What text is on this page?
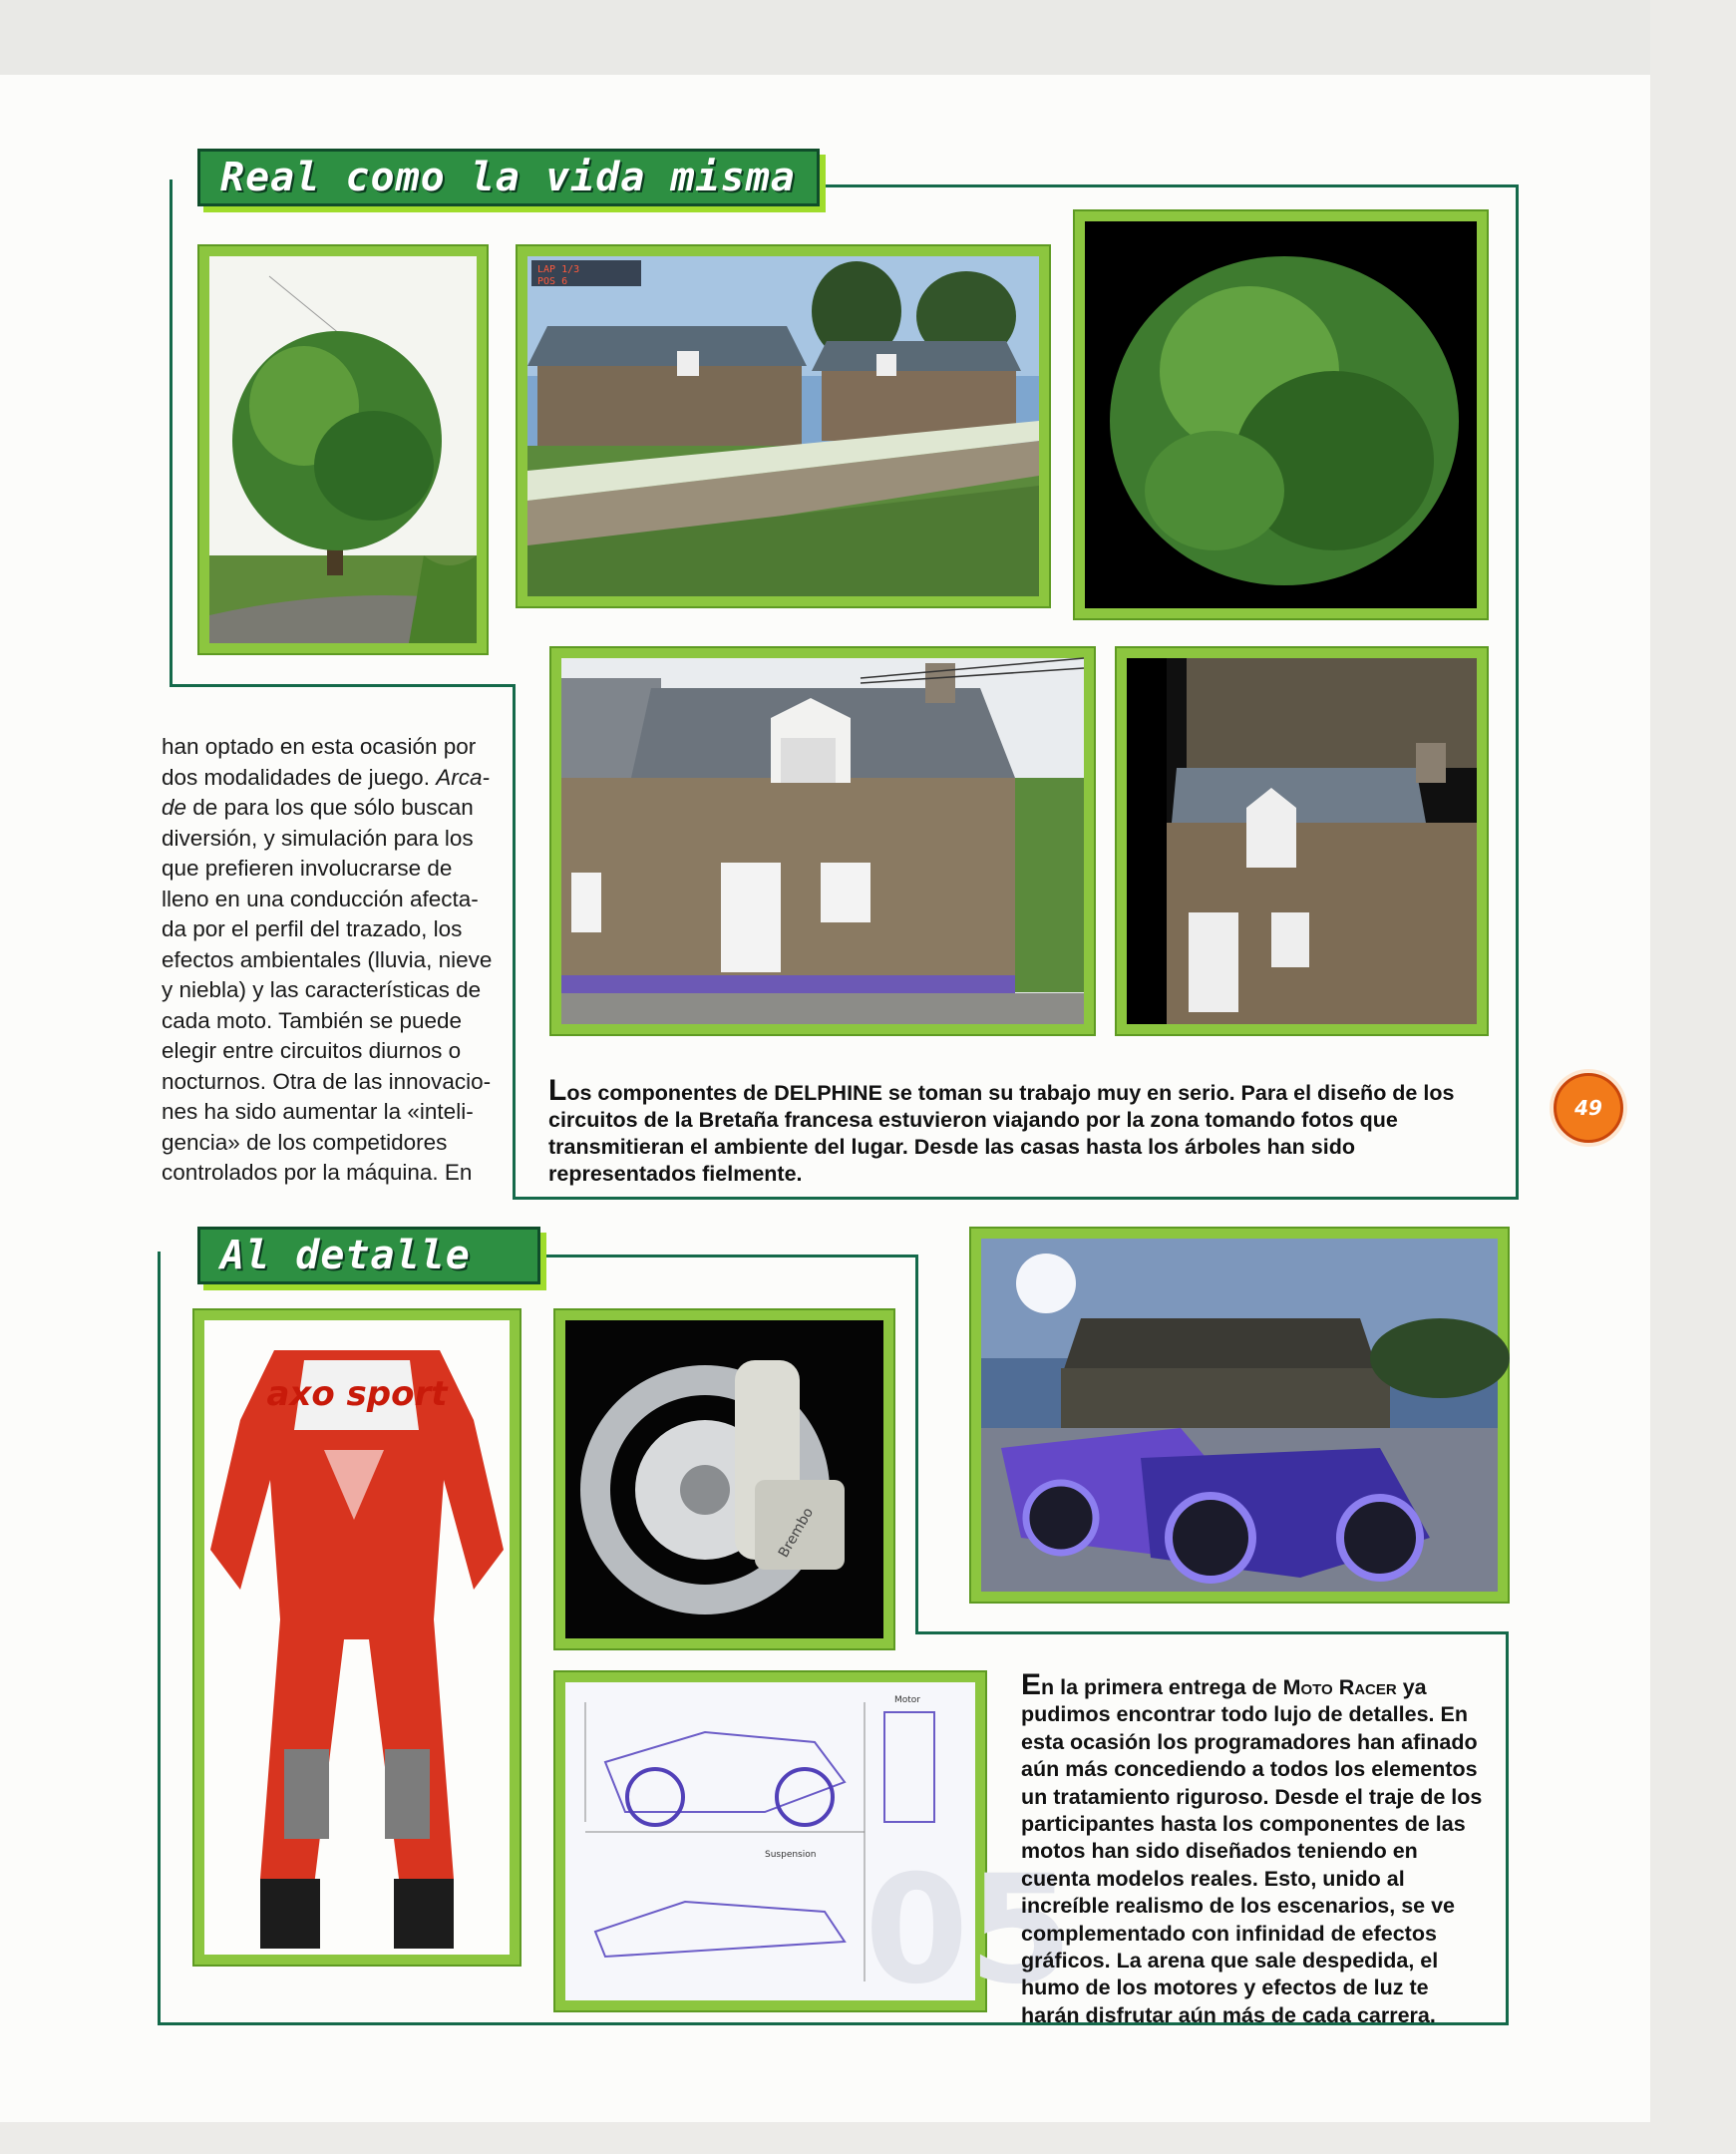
Real como la vida misma
LAP 1/3
POS 6

han optado en esta ocasión por

dos modalidades de juego. Arca-

de de para los que sólo buscan

diversión, y simulación para los

que prefieren involucrarse de

lleno en una conducción afecta-

da por el perfil del trazado, los

efectos ambientales (lluvia, nieve

y niebla) y las características de

cada moto. También se puede

elegir entre circuitos diurnos o

nocturnos. Otra de las innovacio-

nes ha sido aumentar la «inteli-

gencia» de los competidores

controlados por la máquina. En

Los componentes de DELPHINE se toman su trabajo muy en serio. Para el diseño de los circuitos de la Bretaña francesa estuvieron viajando por la zona tomando fotos que transmitieran el ambiente del lugar. Desde las casas hasta los árboles han sido representados fielmente.
49
Al detalle
axo sport
Brembo
05
Motor
Suspension
En la primera entrega de Moto Racer ya pudimos encontrar todo lujo de detalles. En esta ocasión los programadores han afinado aún más concediendo a todos los elementos un tratamiento riguroso. Desde el traje de los participantes hasta los componentes de las motos han sido diseñados teniendo en cuenta modelos reales. Esto, unido al increíble realismo de los escenarios, se ve complementado con infinidad de efectos gráficos. La arena que sale despedida, el humo de los motores y efectos de luz te harán disfrutar aún más de cada carrera.
